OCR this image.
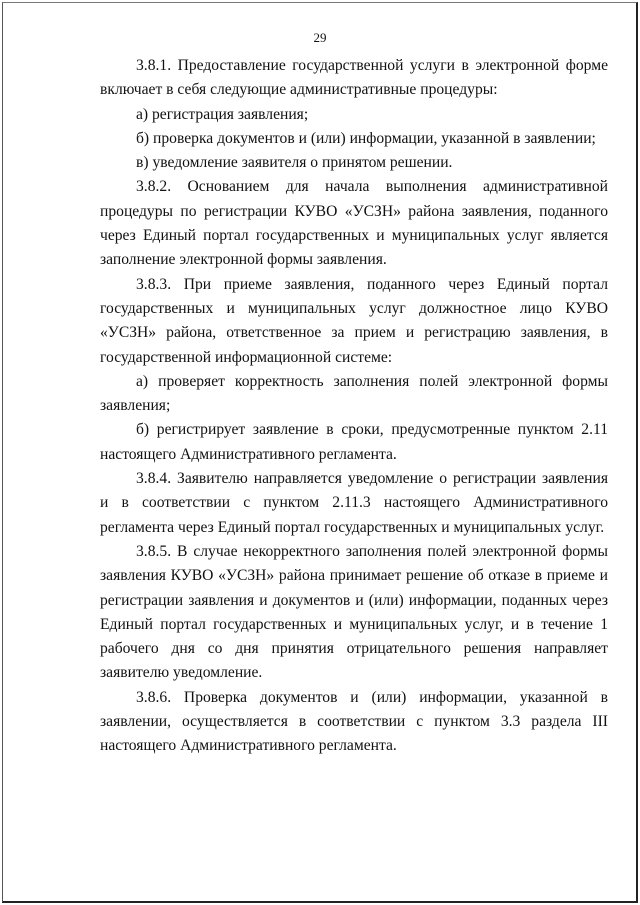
29

3.8.1. Предоставление государственной услуги в электронной форме включает в себя следующие административные процедуры:

а) регистрация заявления;

б) проверка документов и (или) информации, указанной в заявлении;

в) уведомление заявителя о принятом решении.

3.8.2. Основанием для начала выполнения административной процедуры по регистрации КУВО «УСЗН» района заявления, поданного через Единый портал государственных и муниципальных услуг является заполнение электронной формы заявления.

3.8.3. При приеме заявления, поданного через Единый портал государственных и муниципальных услуг должностное лицо КУВО «УСЗН» района, ответственное за прием и регистрацию заявления, в государственной информационной системе:

а) проверяет корректность заполнения полей электронной формы заявления;

б) регистрирует заявление в сроки, предусмотренные пунктом 2.11 настоящего Административного регламента.

3.8.4. Заявителю направляется уведомление о регистрации заявления и в соответствии с пунктом 2.11.3 настоящего Административного регламента через Единый портал государственных и муниципальных услуг.

3.8.5. В случае некорректного заполнения полей электронной формы заявления КУВО «УСЗН» района принимает решение об отказе в приеме и регистрации заявления и документов и (или) информации, поданных через Единый портал государственных и муниципальных услуг, и в течение 1 рабочего дня со дня принятия отрицательного решения направляет заявителю уведомление.

3.8.6. Проверка документов и (или) информации, указанной в заявлении, осуществляется в соответствии с пунктом 3.3 раздела III настоящего Административного регламента.
